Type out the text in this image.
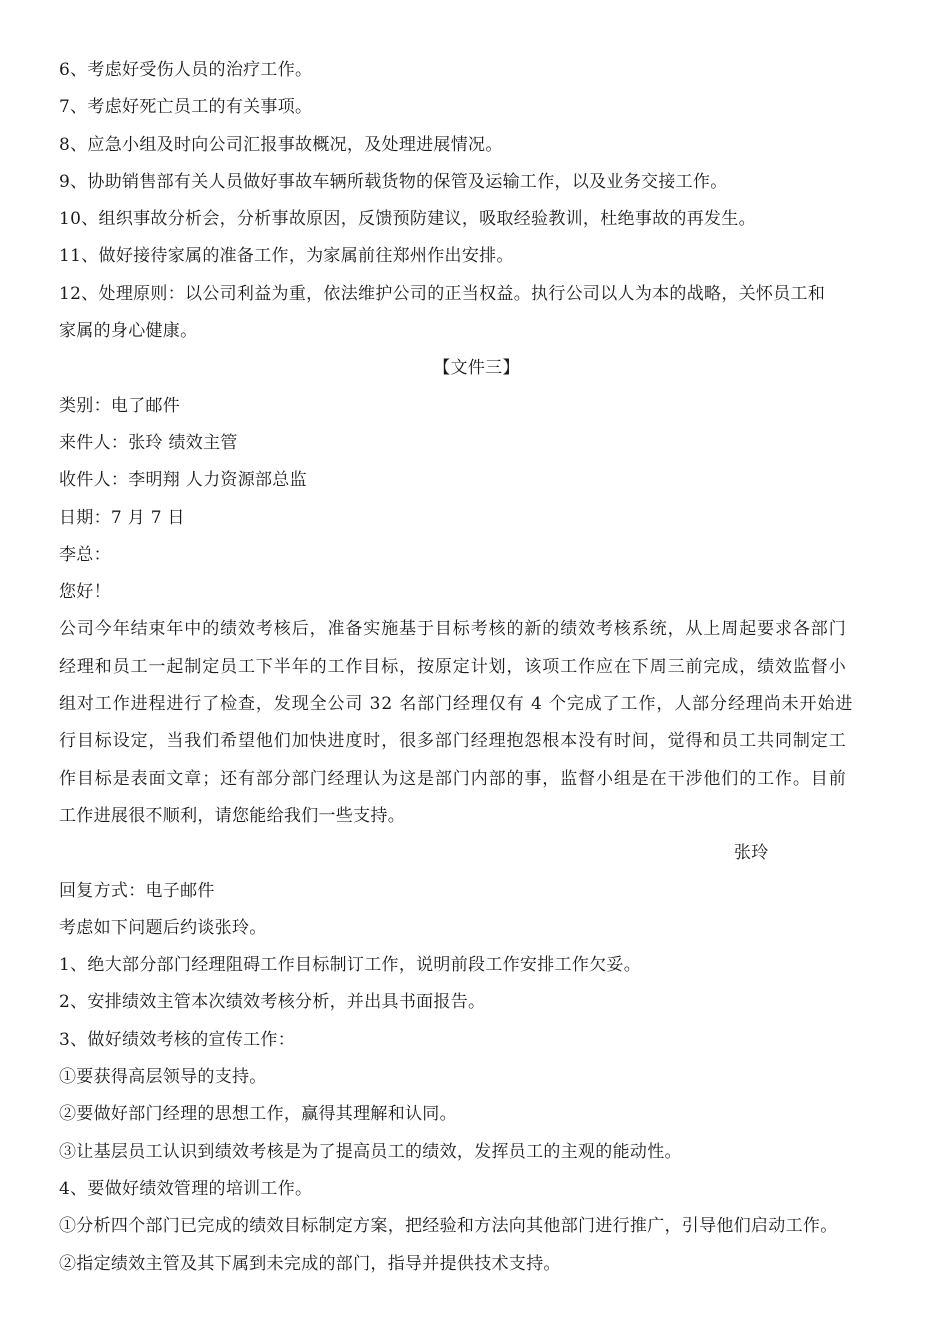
6、考虑好受伤人员的治疗工作。
7、考虑好死亡员工的有关事项。
8、应急小组及时向公司汇报事故概况，及处理进展情况。
9、协助销售部有关人员做好事故车辆所载货物的保管及运输工作，以及业务交接工作。
10、组织事故分析会，分析事故原因，反馈预防建议，吸取经验教训，杜绝事故的再发生。
11、做好接待家属的准备工作，为家属前往郑州作出安排。
12、处理原则：以公司利益为重，依法维护公司的正当权益。执行公司以人为本的战略，关怀员工和
家属的身心健康。
【文件三】
类别：电了邮件
来件人：张玲 绩效主管
收件人：李明翔 人力资源部总监
日期：7 月 7 日
李总：
您好！
公司今年结束年中的绩效考核后，准备实施基于目标考核的新的绩效考核系统，从上周起要求各部门
经理和员工一起制定员工下半年的工作目标，按原定计划，该项工作应在下周三前完成，绩效监督小
组对工作进程进行了检查，发现全公司 32 名部门经理仅有 4 个完成了工作，人部分经理尚未开始进
行目标设定，当我们希望他们加快进度时，很多部门经理抱怨根本没有时间，觉得和员工共同制定工
作目标是表面文章；还有部分部门经理认为这是部门内部的事，监督小组是在干涉他们的工作。目前
工作进展很不顺利，请您能给我们一些支持。
张玲
回复方式：电子邮件
考虑如下问题后约谈张玲。
1、绝大部分部门经理阻碍工作目标制订工作，说明前段工作安排工作欠妥。
2、安排绩效主管本次绩效考核分析，并出具书面报告。
3、做好绩效考核的宣传工作：
①要获得高层领导的支持。
②要做好部门经理的思想工作，赢得其理解和认同。
③让基层员工认识到绩效考核是为了提高员工的绩效，发挥员工的主观的能动性。
4、要做好绩效管理的培训工作。
①分析四个部门已完成的绩效目标制定方案，把经验和方法向其他部门进行推广，引导他们启动工作。
②指定绩效主管及其下属到未完成的部门，指导并提供技术支持。
